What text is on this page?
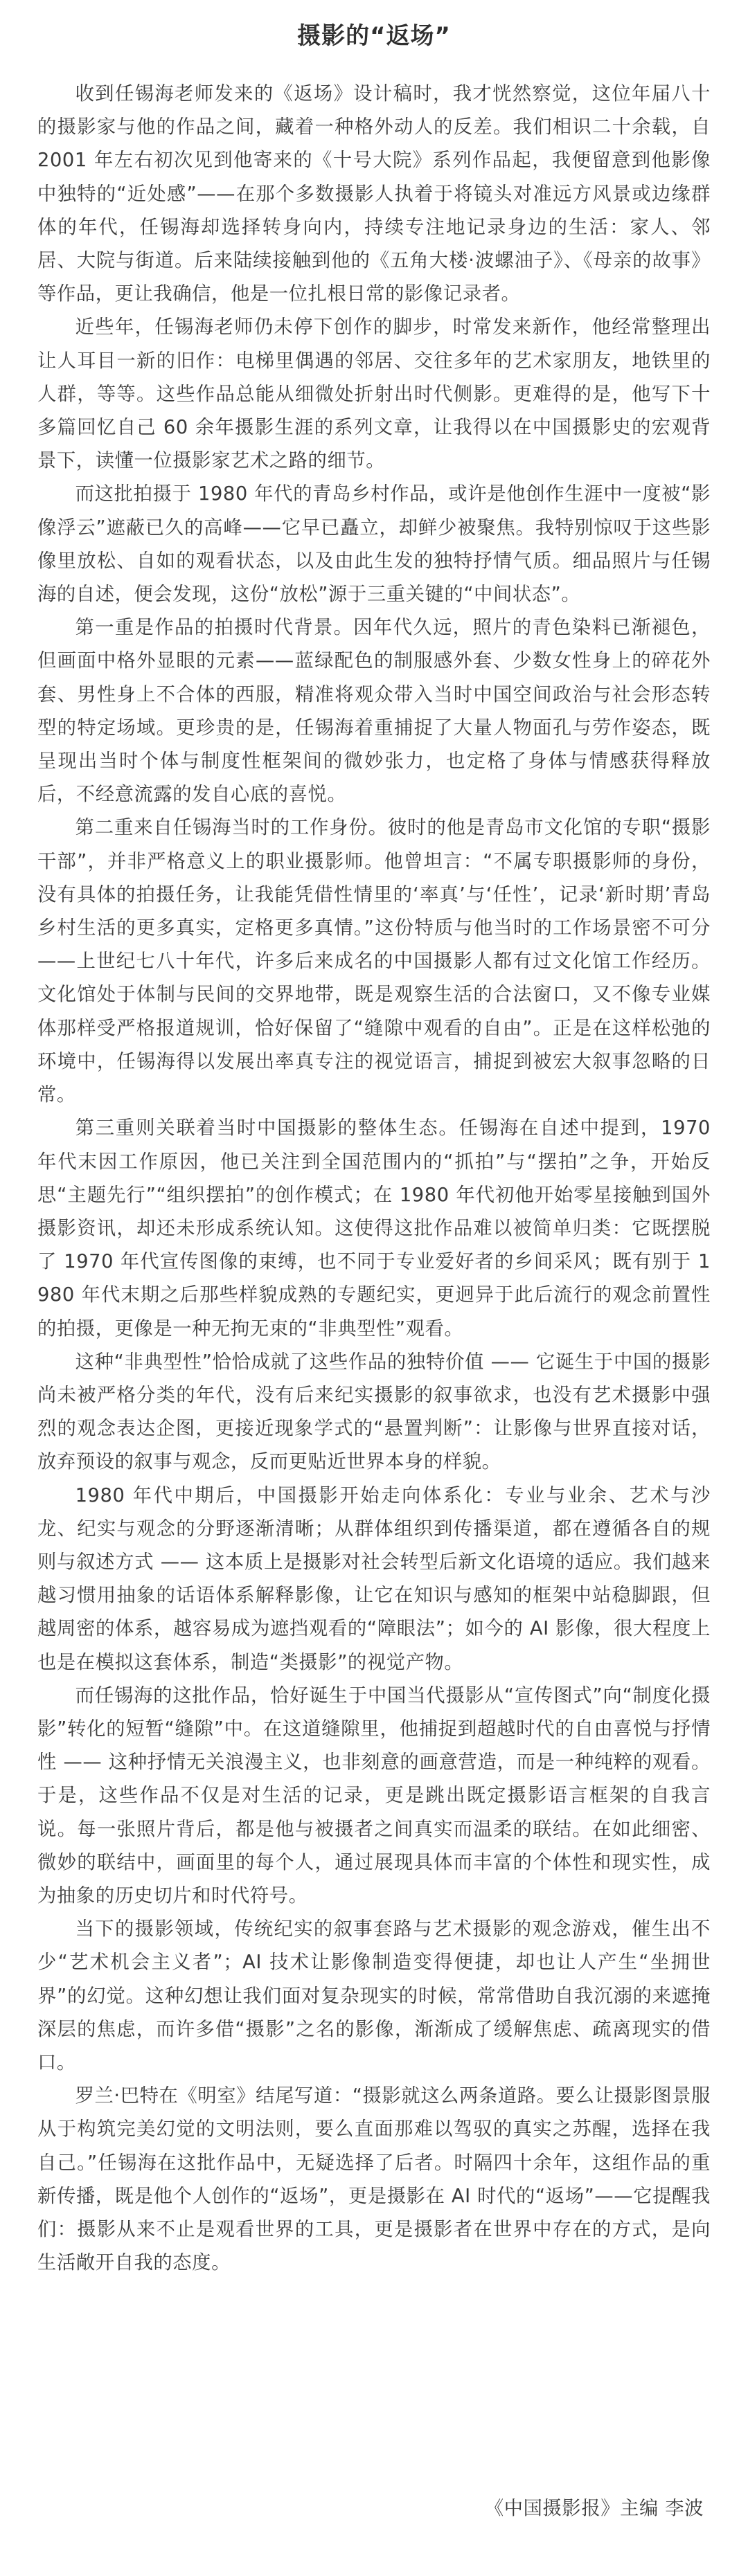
摄影的“返场”

收到任锡海老师发来的《返场》设计稿时，我才恍然察觉，这位年届八十的摄影家与他的作品之间，藏着一种格外动人的反差。我们相识二十余载，自 2001 年左右初次见到他寄来的《十号大院》系列作品起，我便留意到他影像中独特的“近处感”——在那个多数摄影人执着于将镜头对准远方风景或边缘群体的年代，任锡海却选择转身向内，持续专注地记录身边的生活：家人、邻居、大院与街道。后来陆续接触到他的《五角大楼·波螺油子》、《母亲的故事》等作品，更让我确信，他是一位扎根日常的影像记录者。

近些年，任锡海老师仍未停下创作的脚步，时常发来新作，他经常整理出让人耳目一新的旧作：电梯里偶遇的邻居、交往多年的艺术家朋友，地铁里的人群，等等。这些作品总能从细微处折射出时代侧影。更难得的是，他写下十多篇回忆自己 60 余年摄影生涯的系列文章，让我得以在中国摄影史的宏观背景下，读懂一位摄影家艺术之路的细节。

而这批拍摄于 1980 年代的青岛乡村作品，或许是他创作生涯中一度被“影像浮云”遮蔽已久的高峰——它早已矗立，却鲜少被聚焦。我特别惊叹于这些影像里放松、自如的观看状态，以及由此生发的独特抒情气质。细品照片与任锡海的自述，便会发现，这份“放松”源于三重关键的“中间状态”。

第一重是作品的拍摄时代背景。因年代久远，照片的青色染料已渐褪色，但画面中格外显眼的元素——蓝绿配色的制服感外套、少数女性身上的碎花外套、男性身上不合体的西服，精准将观众带入当时中国空间政治与社会形态转型的特定场域。更珍贵的是，任锡海着重捕捉了大量人物面孔与劳作姿态，既呈现出当时个体与制度性框架间的微妙张力，也定格了身体与情感获得释放后，不经意流露的发自心底的喜悦。

第二重来自任锡海当时的工作身份。彼时的他是青岛市文化馆的专职“摄影干部”，并非严格意义上的职业摄影师。他曾坦言：“不属专职摄影师的身份，没有具体的拍摄任务，让我能凭借性情里的‘率真’与‘任性’，记录‘新时期’青岛乡村生活的更多真实，定格更多真情。”这份特质与他当时的工作场景密不可分——上世纪七八十年代，许多后来成名的中国摄影人都有过文化馆工作经历。文化馆处于体制与民间的交界地带，既是观察生活的合法窗口，又不像专业媒体那样受严格报道规训，恰好保留了“缝隙中观看的自由”。正是在这样松弛的环境中，任锡海得以发展出率真专注的视觉语言，捕捉到被宏大叙事忽略的日常。

第三重则关联着当时中国摄影的整体生态。任锡海在自述中提到，1970 年代末因工作原因，他已关注到全国范围内的“抓拍”与“摆拍”之争，开始反思“主题先行”“组织摆拍”的创作模式；在 1980 年代初他开始零星接触到国外摄影资讯，却还未形成系统认知。这使得这批作品难以被简单归类：它既摆脱了 1970 年代宣传图像的束缚，也不同于专业爱好者的乡间采风；既有别于 1980 年代末期之后那些样貌成熟的专题纪实，更迥异于此后流行的观念前置性的拍摄，更像是一种无拘无束的“非典型性”观看。

这种“非典型性”恰恰成就了这些作品的独特价值 —— 它诞生于中国的摄影尚未被严格分类的年代，没有后来纪实摄影的叙事欲求，也没有艺术摄影中强烈的观念表达企图，更接近现象学式的“悬置判断”：让影像与世界直接对话，放弃预设的叙事与观念，反而更贴近世界本身的样貌。

1980 年代中期后，中国摄影开始走向体系化：专业与业余、艺术与沙龙、纪实与观念的分野逐渐清晰；从群体组织到传播渠道，都在遵循各自的规则与叙述方式 —— 这本质上是摄影对社会转型后新文化语境的适应。我们越来越习惯用抽象的话语体系解释影像，让它在知识与感知的框架中站稳脚跟，但越周密的体系，越容易成为遮挡观看的“障眼法”；如今的 AI 影像，很大程度上也是在模拟这套体系，制造“类摄影”的视觉产物。

而任锡海的这批作品，恰好诞生于中国当代摄影从“宣传图式”向“制度化摄影”转化的短暂“缝隙”中。在这道缝隙里，他捕捉到超越时代的自由喜悦与抒情性 —— 这种抒情无关浪漫主义，也非刻意的画意营造，而是一种纯粹的观看。于是，这些作品不仅是对生活的记录，更是跳出既定摄影语言框架的自我言说。每一张照片背后，都是他与被摄者之间真实而温柔的联结。在如此细密、微妙的联结中，画面里的每个人，通过展现具体而丰富的个体性和现实性，成为抽象的历史切片和时代符号。

当下的摄影领域，传统纪实的叙事套路与艺术摄影的观念游戏，催生出不少“艺术机会主义者”；AI 技术让影像制造变得便捷，却也让人产生“坐拥世界”的幻觉。这种幻想让我们面对复杂现实的时候，常常借助自我沉溺的来遮掩深层的焦虑，而许多借“摄影”之名的影像，渐渐成了缓解焦虑、疏离现实的借口。

罗兰·巴特在《明室》结尾写道：“摄影就这么两条道路。要么让摄影图景服从于构筑完美幻觉的文明法则，要么直面那难以驾驭的真实之苏醒，选择在我自己。”任锡海在这批作品中，无疑选择了后者。时隔四十余年，这组作品的重新传播，既是他个人创作的“返场”，更是摄影在 AI 时代的“返场”——它提醒我们：摄影从来不止是观看世界的工具，更是摄影者在世界中存在的方式，是向生活敞开自我的态度。

《中国摄影报》主编 李波
